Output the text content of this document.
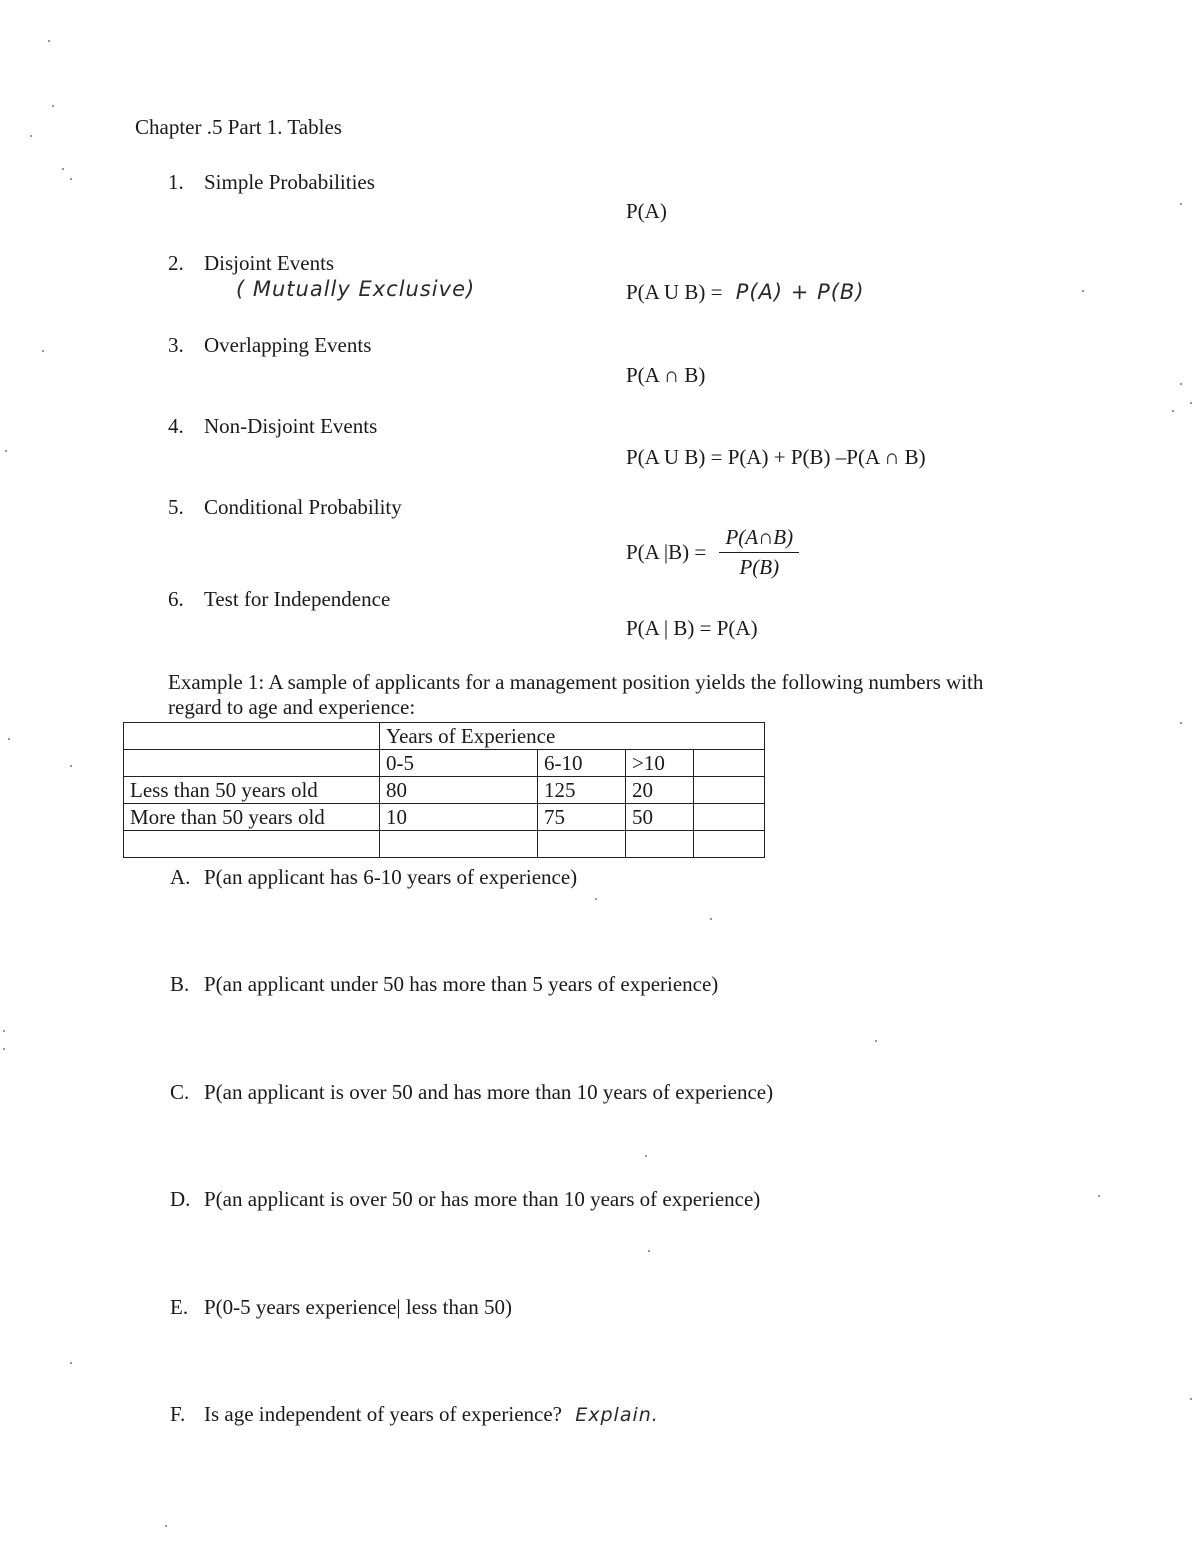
Chapter .5 Part 1. Tables
1. Simple Probabilities
2. Disjoint Events
( Mutually Exclusive)
3. Overlapping Events
4. Non-Disjoint Events
5. Conditional Probability
6. Test for Independence
P(A)
P(A U B) = P(A) + P(B)
P(A ∩ B)
P(A U B) = P(A) + P(B) –P(A ∩ B)
P(A $|B) = \frac{P(A\cap B)}{P(B)}$
P(A | B) = P(A)
Example 1: A sample of applicants for a management position yields the following numbers with
regard to age and experience:
	Years of Experience			
	0-5	6-10	>10	
Less than 50 years old	80	125	20	
More than 50 years old	10	75	50	

A. P(an applicant has 6-10 years of experience)
B. P(an applicant under 50 has more than 5 years of experience)
C. P(an applicant is over 50 and has more than 10 years of experience)
D. P(an applicant is over 50 or has more than 10 years of experience)
E. P(0-5 years experience| less than 50)
F. Is age independent of years of experience? Explain.
